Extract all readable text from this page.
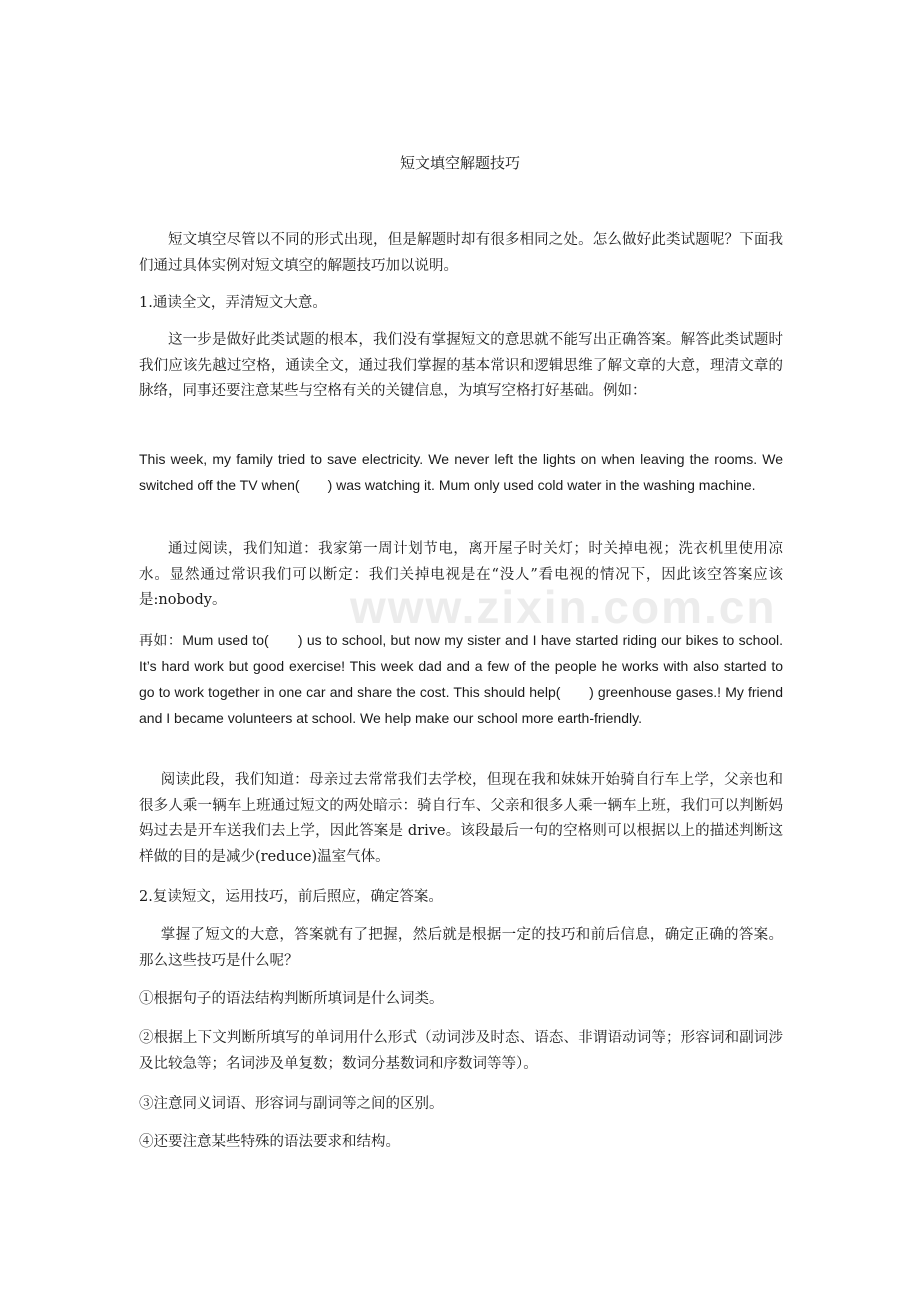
www.zixin.com.cn
短文填空解题技巧

短文填空尽管以不同的形式出现，但是解题时却有很多相同之处。怎么做好此类试题呢？下面我们通过具体实例对短文填空的解题技巧加以说明。

1.通读全文，弄清短文大意。

这一步是做好此类试题的根本，我们没有掌握短文的意思就不能写出正确答案。解答此类试题时我们应该先越过空格，通读全文，通过我们掌握的基本常识和逻辑思维了解文章的大意，理清文章的脉络，同事还要注意某些与空格有关的关键信息，为填写空格打好基础。例如：

This week, my family tried to save electricity. We never left the lights on when leaving the rooms. We switched off the TV when(　　) was watching it. Mum only used cold water in the washing machine.

通过阅读，我们知道：我家第一周计划节电，离开屋子时关灯；时关掉电视；洗衣机里使用凉水。显然通过常识我们可以断定：我们关掉电视是在“没人”看电视的情况下，因此该空答案应该是:nobody。

再如：Mum used to(　　) us to school, but now my sister and I have started riding our bikes to school. It’s hard work but good exercise! This week dad and a few of the people he works with also started to go to work together in one car and share the cost. This should help(　　) greenhouse gases.! My friend and I became volunteers at school. We help make our school more earth-friendly.

阅读此段，我们知道：母亲过去常常我们去学校，但现在我和妹妹开始骑自行车上学，父亲也和很多人乘一辆车上班通过短文的两处暗示：骑自行车、父亲和很多人乘一辆车上班，我们可以判断妈妈过去是开车送我们去上学，因此答案是 drive。该段最后一句的空格则可以根据以上的描述判断这样做的目的是减少(reduce)温室气体。

2.复读短文，运用技巧，前后照应，确定答案。

掌握了短文的大意，答案就有了把握，然后就是根据一定的技巧和前后信息，确定正确的答案。那么这些技巧是什么呢？

①根据句子的语法结构判断所填词是什么词类。

②根据上下文判断所填写的单词用什么形式（动词涉及时态、语态、非谓语动词等；形容词和副词涉及比较急等；名词涉及单复数；数词分基数词和序数词等等）。

③注意同义词语、形容词与副词等之间的区别。

④还要注意某些特殊的语法要求和结构。
